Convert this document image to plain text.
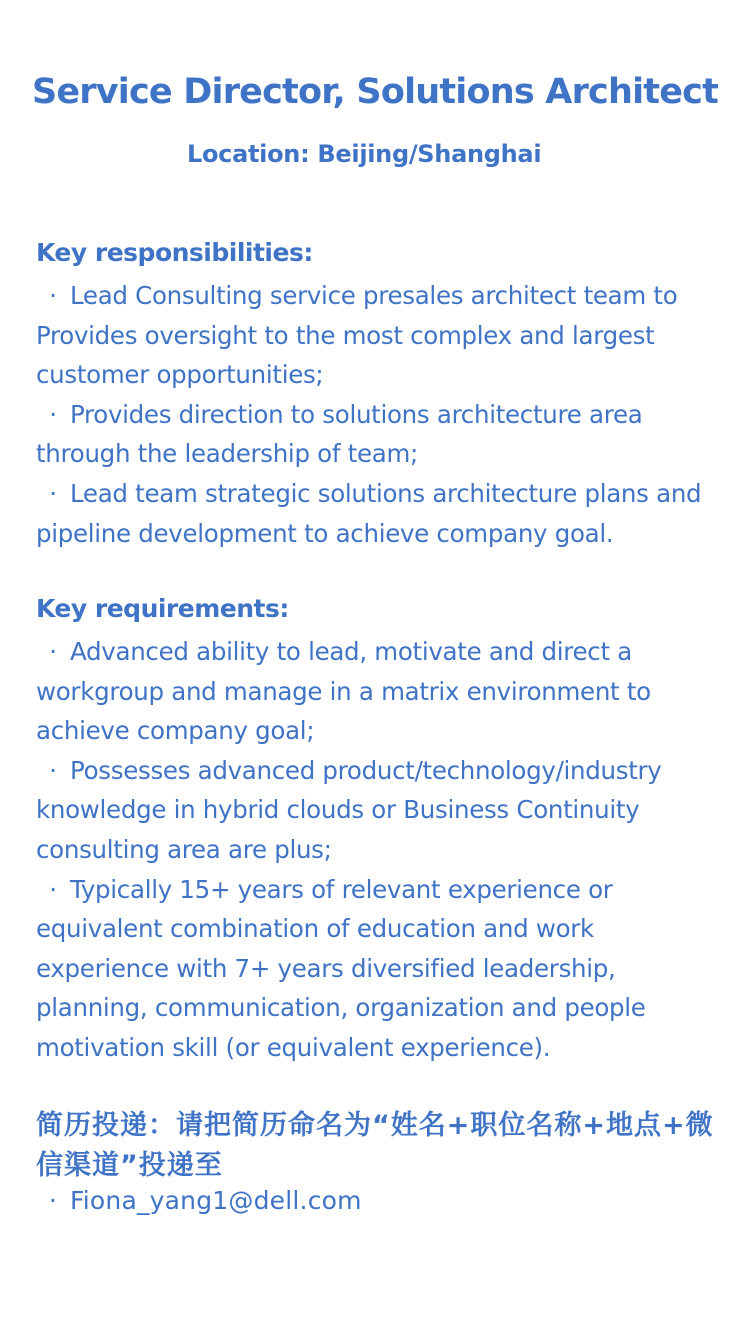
Service Director, Solutions Architect
Location: Beijing/Shanghai
Key responsibilities:

· Lead Consulting service presales architect team to Provides oversight to the most complex and largest customer opportunities;

· Provides direction to solutions architecture area through the leadership of team;

· Lead team strategic solutions architecture plans and pipeline development to achieve company goal.

Key requirements:

· Advanced ability to lead, motivate and direct a workgroup and manage in a matrix environment to achieve company goal;

· Possesses advanced product/technology/industry knowledge in hybrid clouds or Business Continuity consulting area are plus;

· Typically 15+ years of relevant experience or equivalent combination of education and work experience with 7+ years diversified leadership, planning, communication, organization and people motivation skill (or equivalent experience).

简历投递：请把简历命名为“姓名+职位名称+地点+微信渠道”投递至
· Fiona_yang1@dell.com
